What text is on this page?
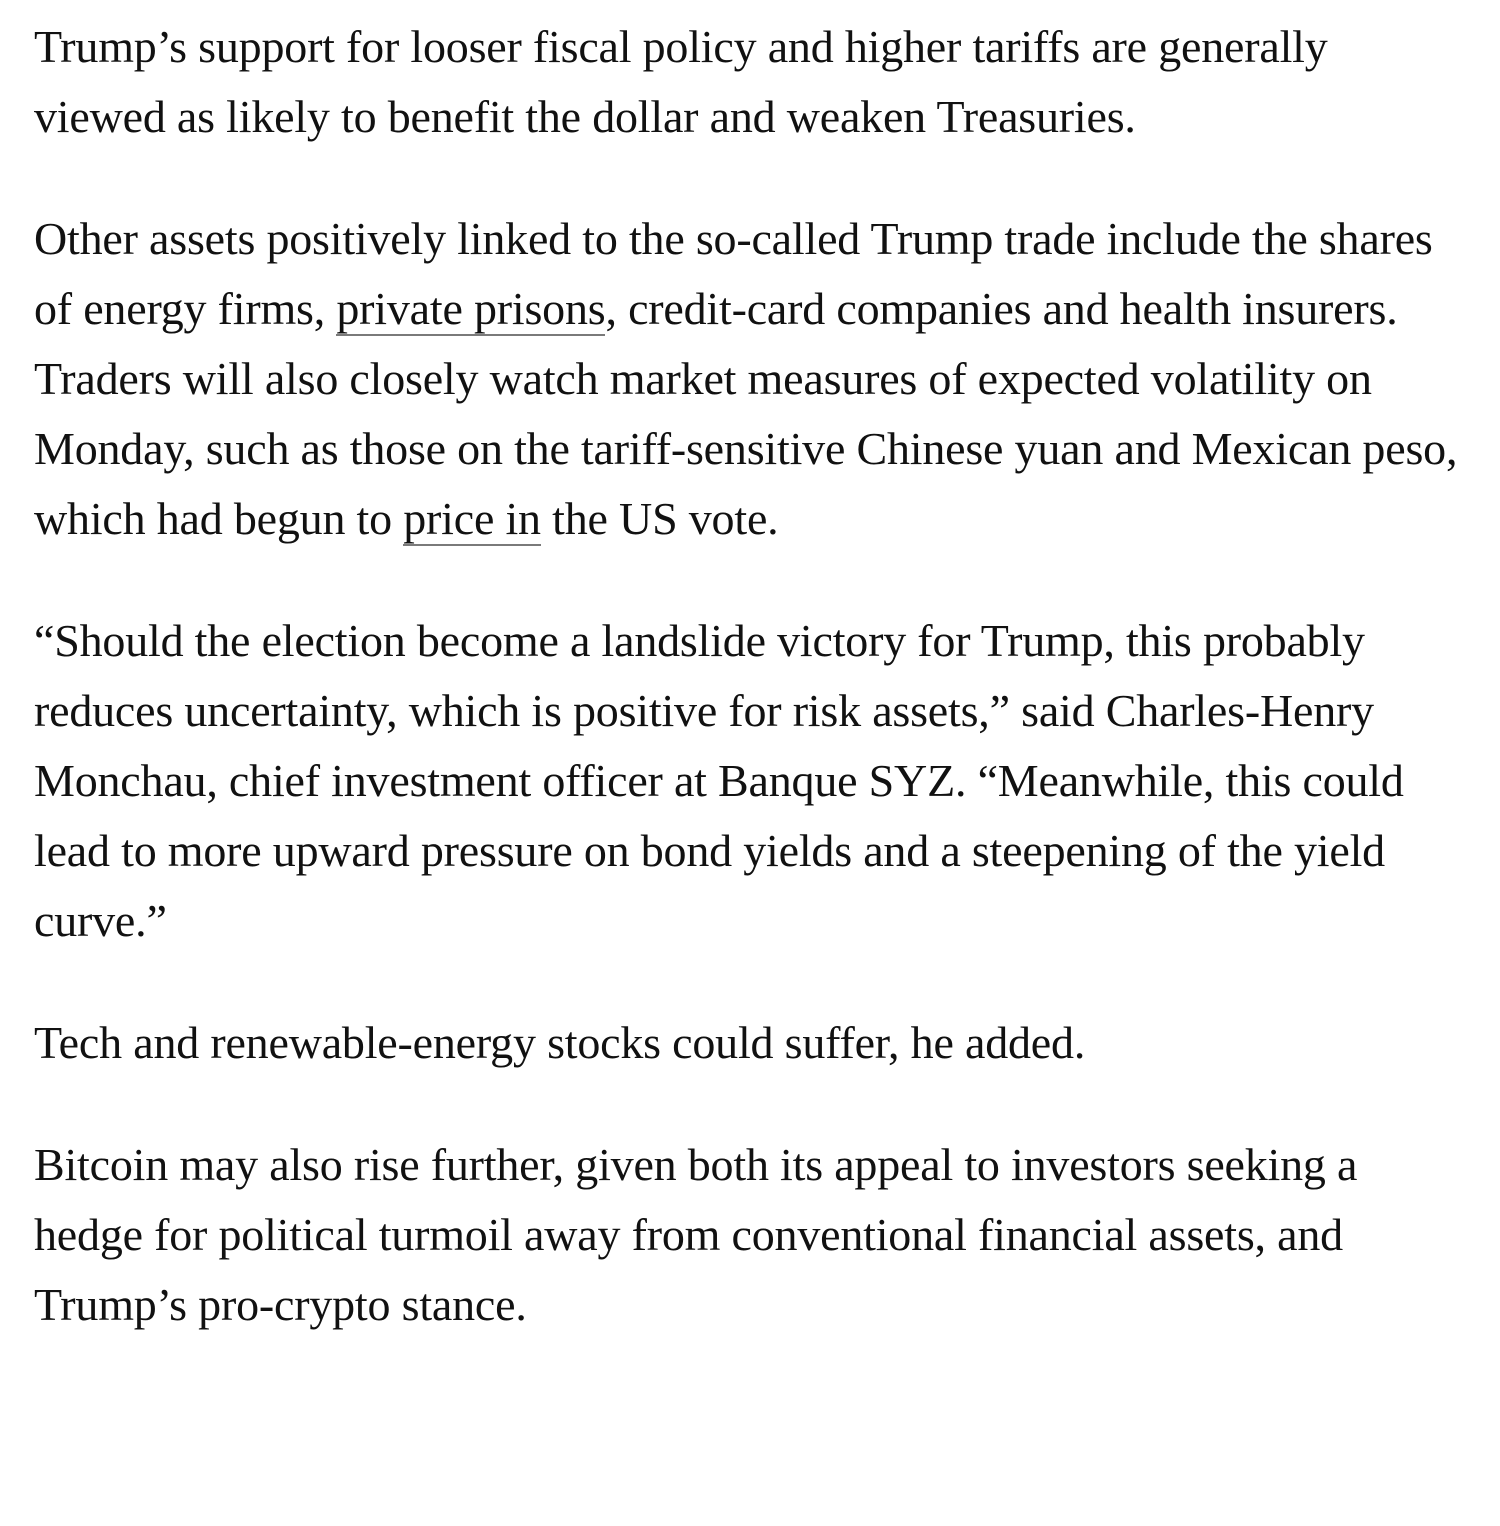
Trump’s support for looser fiscal policy and higher tariffs are generally viewed as likely to benefit the dollar and weaken Treasuries.

Other assets positively linked to the so-called Trump trade include the shares of energy firms, private prisons, credit-card companies and health insurers. Traders will also closely watch market measures of expected volatility on Monday, such as those on the tariff-sensitive Chinese yuan and Mexican peso, which had begun to price in the US vote.

“Should the election become a landslide victory for Trump, this probably reduces uncertainty, which is positive for risk assets,” said Charles-Henry Monchau, chief investment officer at Banque SYZ. “Meanwhile, this could lead to more upward pressure on bond yields and a steepening of the yield curve.”

Tech and renewable-energy stocks could suffer, he added.

Bitcoin may also rise further, given both its appeal to investors seeking a hedge for political turmoil away from conventional financial assets, and Trump’s pro-crypto stance.
